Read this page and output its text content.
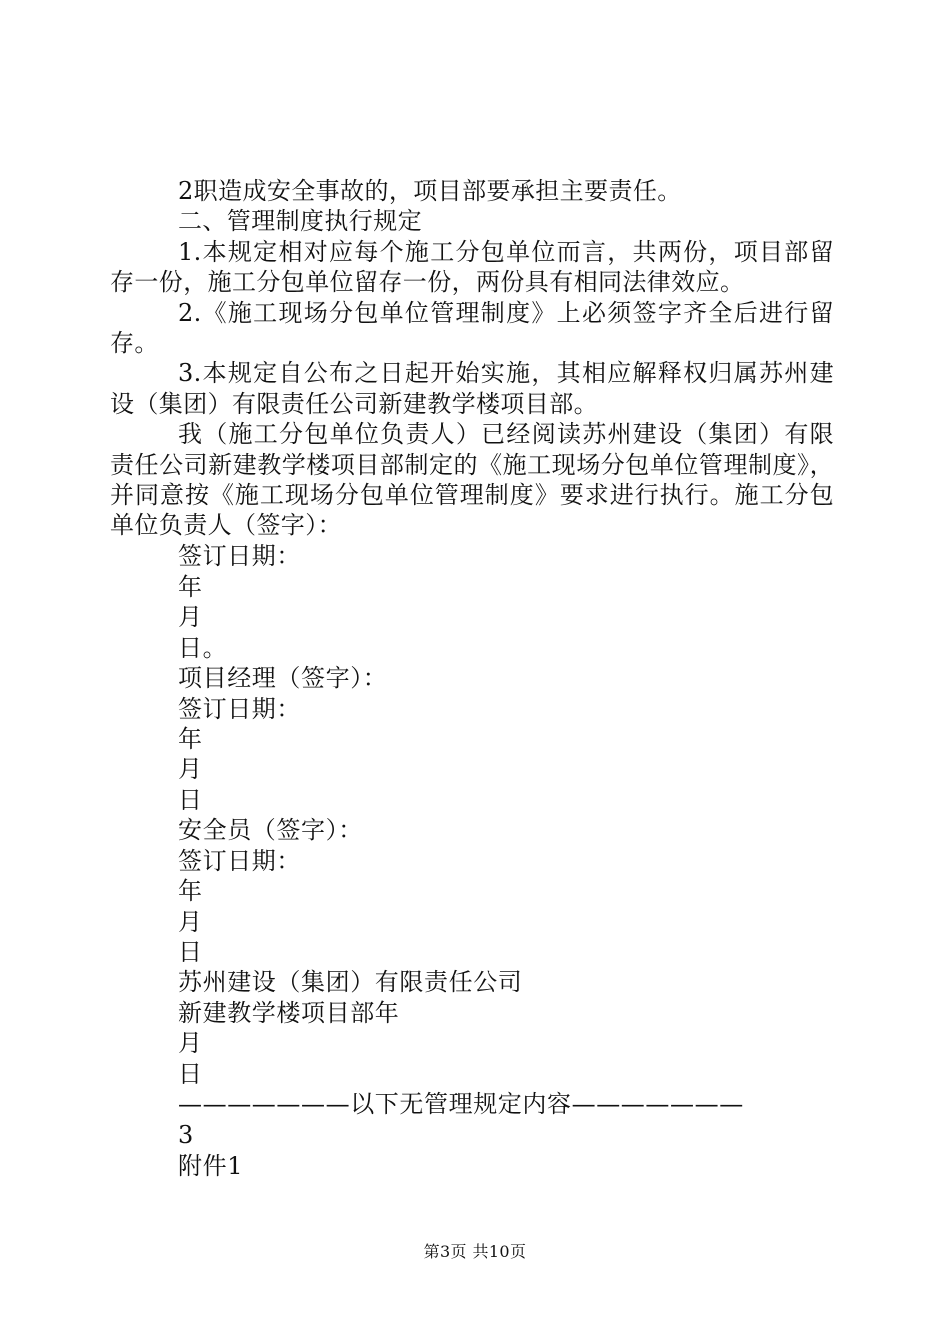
2职造成安全事故的，项目部要承担主要责任。

二、管理制度执行规定

1.本规定相对应每个施工分包单位而言，共两份，项目部留存一份，施工分包单位留存一份，两份具有相同法律效应。

2.《施工现场分包单位管理制度》上必须签字齐全后进行留存。

3.本规定自公布之日起开始实施，其相应解释权归属苏州建设（集团）有限责任公司新建教学楼项目部。

我（施工分包单位负责人）已经阅读苏州建设（集团）有限责任公司新建教学楼项目部制定的《施工现场分包单位管理制度》，并同意按《施工现场分包单位管理制度》要求进行执行。施工分包单位负责人（签字）：

签订日期：
年
月
日。
项目经理（签字）：
签订日期：
年
月
日
安全员（签字）：
签订日期：
年
月
日
苏州建设（集团）有限责任公司
新建教学楼项目部年
月
日
———————以下无管理规定内容———————
3
附件1
第3页 共10页
